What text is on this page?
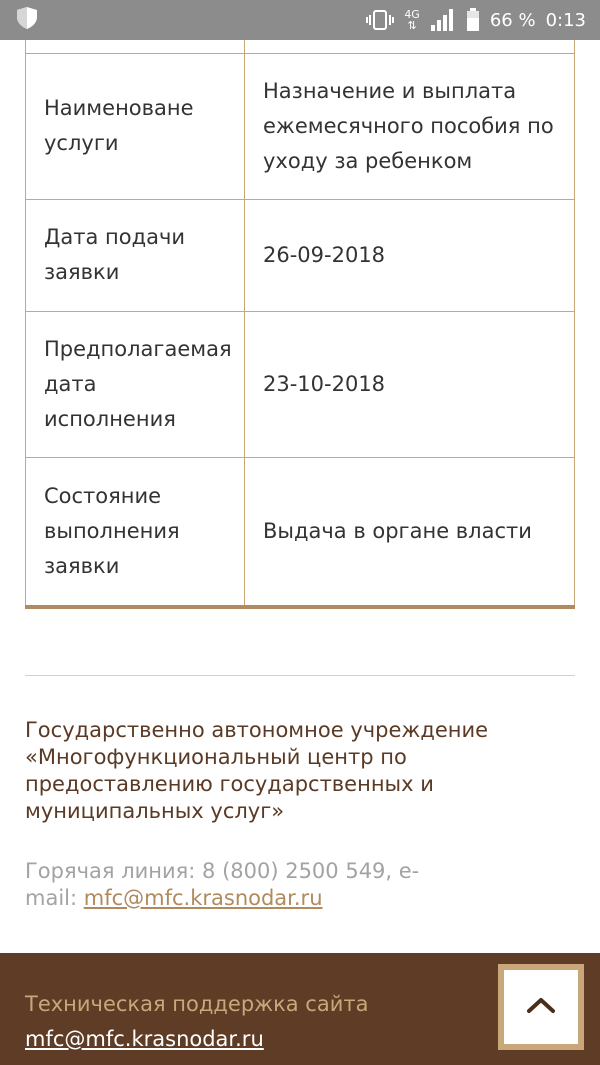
4G
⇅	66 % 0:13

Наименоване услуги	Назначение и выплата ежемесячного пособия по уходу за ребенком
Дата подачи заявки	26-09-2018
Предполагаемая дата исполнения	23-10-2018
Состояние выполнения заявки	Выдача в органе власти
Государственно автономное учреждение «Многофункциональный центр по предоставлению государственных и муниципальных услуг»
Горячая линия: 8 (800) 2500 549, e-mail: mfc@mfc.krasnodar.ru
Техническая поддержка сайта
mfc@mfc.krasnodar.ru
